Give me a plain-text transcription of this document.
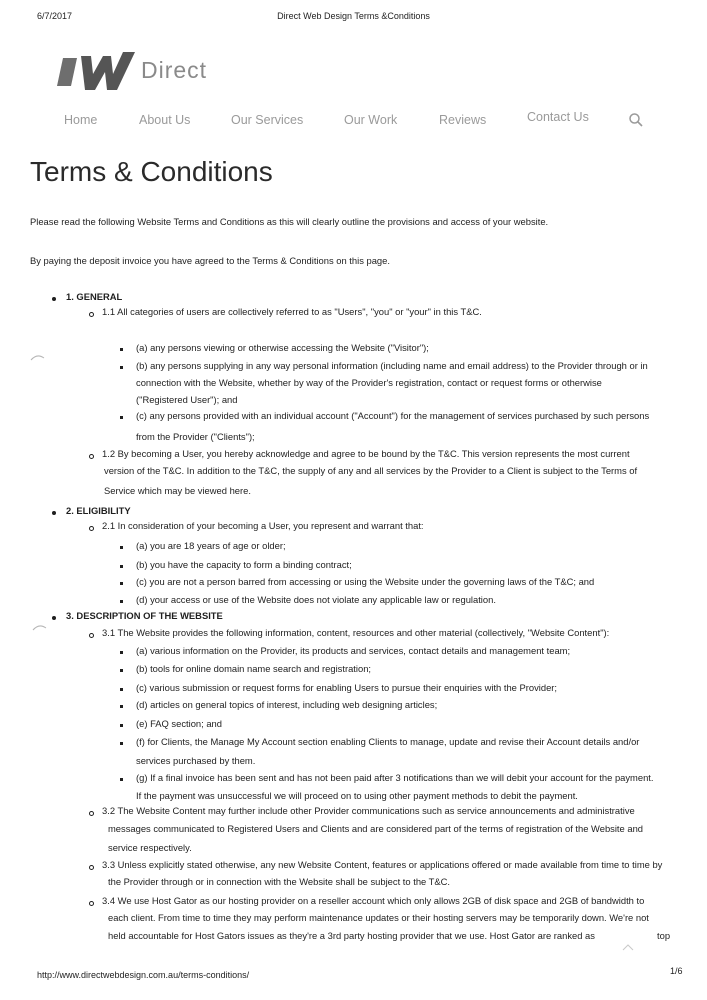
6/7/2017	Direct Web Design Terms &Conditions
Direct
Home	About Us	Our Services	Our Work	Reviews	Contact Us
Terms & Conditions
Please read the following Website Terms and Conditions as this will clearly outline the provisions and access of your website.
By paying the deposit invoice you have agreed to the Terms & Conditions on this page.
1. GENERAL
1.1 All categories of users are collectively referred to as "Users", "you" or "your" in this T&C.
(a) any persons viewing or otherwise accessing the Website ("Visitor");
(b) any persons supplying in any way personal information (including name and email address) to the Provider through or in
connection with the Website, whether by way of the Provider's registration, contact or request forms or otherwise
("Registered User"); and
(c) any persons provided with an individual account ("Account") for the management of services purchased by such persons
from the Provider ("Clients");
1.2 By becoming a User, you hereby acknowledge and agree to be bound by the T&C. This version represents the most current
version of the T&C. In addition to the T&C, the supply of any and all services by the Provider to a Client is subject to the Terms of
Service which may be viewed here.
2. ELIGIBILITY
2.1 In consideration of your becoming a User, you represent and warrant that:
(a) you are 18 years of age or older;
(b) you have the capacity to form a binding contract;
(c) you are not a person barred from accessing or using the Website under the governing laws of the T&C; and
(d) your access or use of the Website does not violate any applicable law or regulation.
3. DESCRIPTION OF THE WEBSITE
3.1 The Website provides the following information, content, resources and other material (collectively, "Website Content"):
(a) various information on the Provider, its products and services, contact details and management team;
(b) tools for online domain name search and registration;
(c) various submission or request forms for enabling Users to pursue their enquiries with the Provider;
(d) articles on general topics of interest, including web designing articles;
(e) FAQ section; and
(f) for Clients, the Manage My Account section enabling Clients to manage, update and revise their Account details and/or
services purchased by them.
(g) If a final invoice has been sent and has not been paid after 3 notifications than we will debit your account for the payment.
If the payment was unsuccessful we will proceed on to using other payment methods to debit the payment.
3.2 The Website Content may further include other Provider communications such as service announcements and administrative
messages communicated to Registered Users and Clients and are considered part of the terms of registration of the Website and
service respectively.
3.3 Unless explicitly stated otherwise, any new Website Content, features or applications offered or made available from time to time by
the Provider through or in connection with the Website shall be subject to the T&C.
3.4 We use Host Gator as our hosting provider on a reseller account which only allows 2GB of disk space and 2GB of bandwidth to
each client. From time to time they may perform maintenance updates or their hosting servers may be temporarily down. We're not
held accountable for Host Gators issues as they're a 3rd party hosting provider that we use. Host Gator are ranked as	top
http://www.directwebdesign.com.au/terms-conditions/	1/6
